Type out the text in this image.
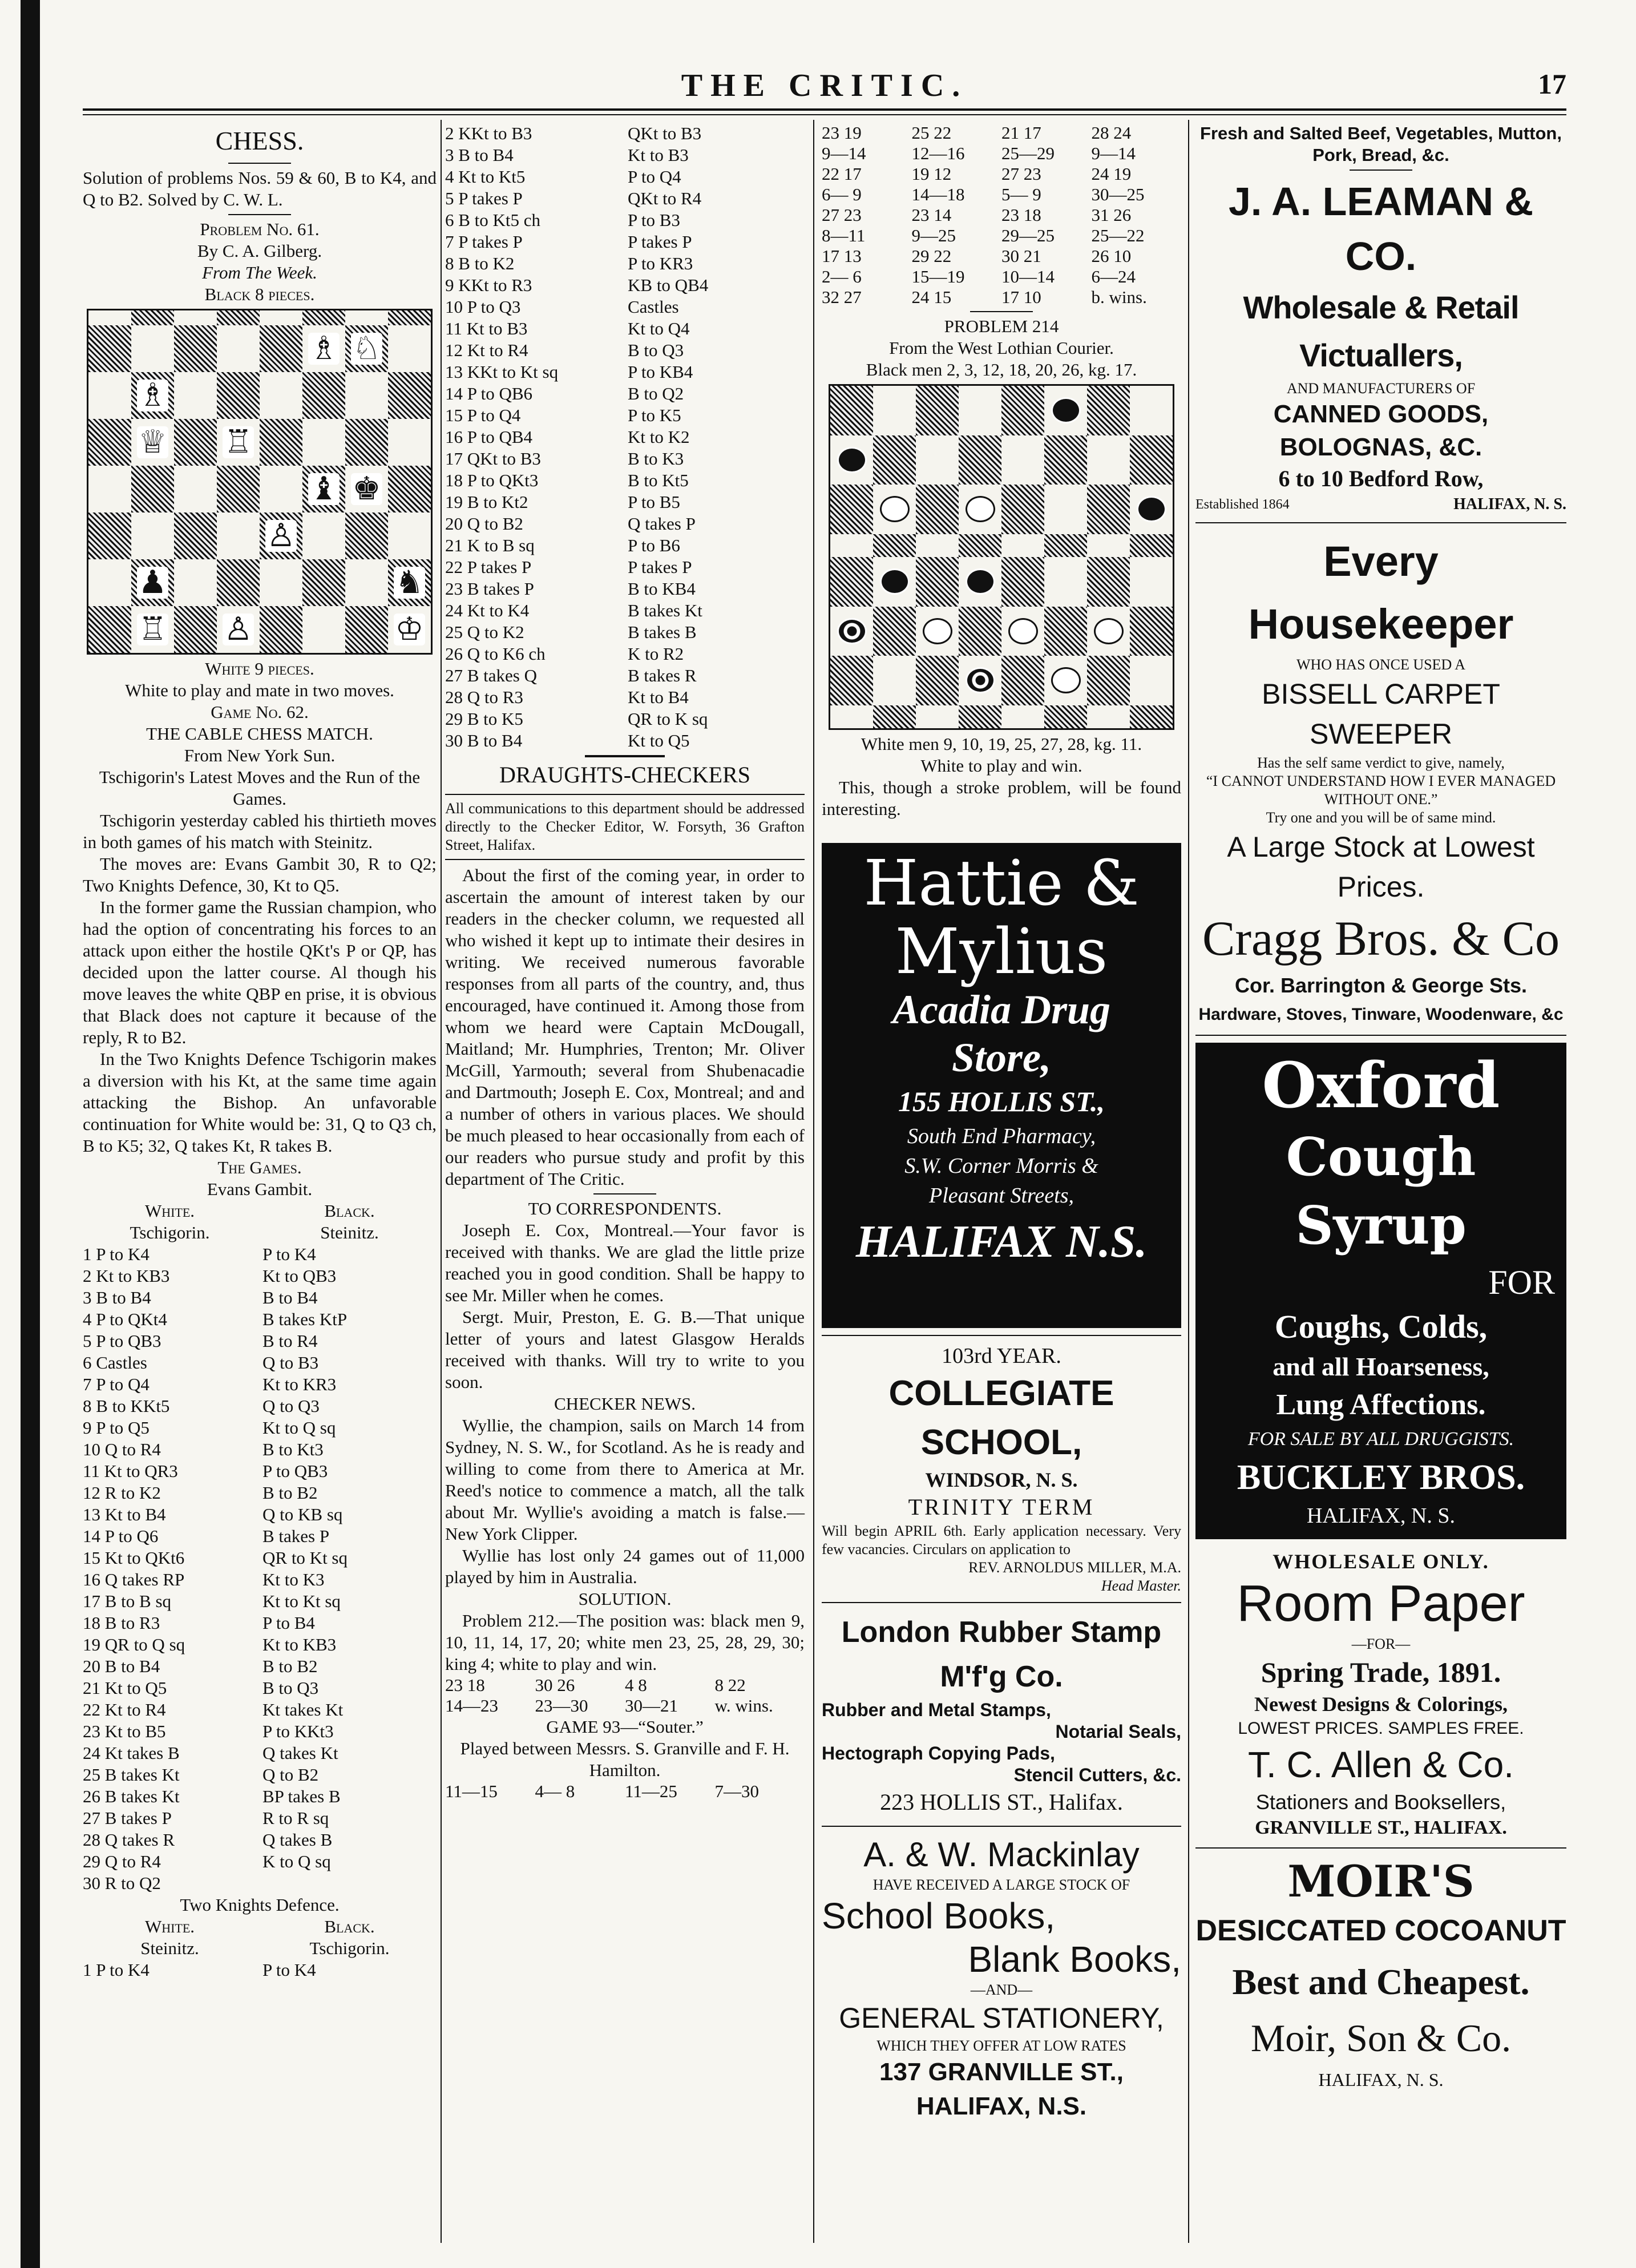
THE CRITIC.	17
CHESS.
Solution of problems Nos. 59 & 60, B to K4, and Q to B2. Solved by C. W. L.
Problem No. 61.
By C. A. Gilberg.
From The Week.
Black 8 pieces.
♗ ♘
♗
♕ ♖
♝ ♚
♙
♟	♞
♖ ♙	♔
White 9 pieces.
White to play and mate in two moves.
Game No. 62.
THE CABLE CHESS MATCH.
From New York Sun.
Tschigorin's Latest Moves and the Run of the Games.
Tschigorin yesterday cabled his thirtieth moves in both games of his match with Steinitz.
The moves are: Evans Gambit 30, R to Q2; Two Knights Defence, 30, Kt to Q5.
In the former game the Russian champion, who had the option of concentrating his forces to an attack upon either the hostile QKt's P or QP, has decided upon the latter course. Al though his move leaves the white QBP en prise, it is obvious that Black does not capture it because of the reply, R to B2.
In the Two Knights Defence Tschigorin makes a diversion with his Kt, at the same time again attacking the Bishop. An unfavorable continuation for White would be: 31, Q to Q3 ch, B to K5; 32, Q takes Kt, R takes B.
The Games.
Evans Gambit.
White.	Black.
Tschigorin.	Steinitz.
1 P to K4	P to K4
2 Kt to KB3	Kt to QB3
3 B to B4	B to B4
4 P to QKt4	B takes KtP
5 P to QB3	B to R4
6 Castles	Q to B3
7 P to Q4	Kt to KR3
8 B to KKt5	Q to Q3
9 P to Q5	Kt to Q sq
10 Q to R4	B to Kt3
11 Kt to QR3	P to QB3
12 R to K2	B to B2
13 Kt to B4	Q to KB sq
14 P to Q6	B takes P
15 Kt to QKt6	QR to Kt sq
16 Q takes RP	Kt to K3
17 B to B sq	Kt to Kt sq
18 B to R3	P to B4
19 QR to Q sq	Kt to KB3
20 B to B4	B to B2
21 Kt to Q5	B to Q3
22 Kt to R4	Kt takes Kt
23 Kt to B5	P to KKt3
24 Kt takes B	Q takes Kt
25 B takes Kt	Q to B2
26 B takes Kt	BP takes B
27 B takes P	R to R sq
28 Q takes R	Q takes B
29 Q to R4	K to Q sq
30 R to Q2
Two Knights Defence.
White.	Black.
Steinitz.	Tschigorin.
1 P to K4	P to K4
2 KKt to B3	QKt to B3
3 B to B4	Kt to B3
4 Kt to Kt5	P to Q4
5 P takes P	QKt to R4
6 B to Kt5 ch	P to B3
7 P takes P	P takes P
8 B to K2	P to KR3
9 KKt to R3	KB to QB4
10 P to Q3	Castles
11 Kt to B3	Kt to Q4
12 Kt to R4	B to Q3
13 KKt to Kt sq	P to KB4
14 P to QB6	B to Q2
15 P to Q4	P to K5
16 P to QB4	Kt to K2
17 QKt to B3	B to K3
18 P to QKt3	B to Kt5
19 B to Kt2	P to B5
20 Q to B2	Q takes P
21 K to B sq	P to B6
22 P takes P	P takes P
23 B takes P	B to KB4
24 Kt to K4	B takes Kt
25 Q to K2	B takes B
26 Q to K6 ch	K to R2
27 B takes Q	B takes R
28 Q to R3	Kt to B4
29 B to K5	QR to K sq
30 B to B4	Kt to Q5
DRAUGHTS-CHECKERS
All communications to this department should be addressed directly to the Checker Editor, W. Forsyth, 36 Grafton Street, Halifax.
About the first of the coming year, in order to ascertain the amount of interest taken by our readers in the checker column, we requested all who wished it kept up to intimate their desires in writing. We received numerous favorable responses from all parts of the country, and, thus encouraged, have continued it. Among those from whom we heard were Captain McDougall, Maitland; Mr. Humphries, Trenton; Mr. Oliver McGill, Yarmouth; several from Shubenacadie and Dartmouth; Joseph E. Cox, Montreal; and and a number of others in various places. We should be much pleased to hear occasionally from each of our readers who pursue study and profit by this department of The Critic.
TO CORRESPONDENTS.
Joseph E. Cox, Montreal.—Your favor is received with thanks. We are glad the little prize reached you in good condition. Shall be happy to see Mr. Miller when he comes.
Sergt. Muir, Preston, E. G. B.—That unique letter of yours and latest Glasgow Heralds received with thanks. Will try to write to you soon.
CHECKER NEWS.
Wyllie, the champion, sails on March 14 from Sydney, N. S. W., for Scotland. As he is ready and willing to come from there to America at Mr. Reed's notice to commence a match, all the talk about Mr. Wyllie's avoiding a match is false.—New York Clipper.
Wyllie has lost only 24 games out of 11,000 played by him in Australia.
SOLUTION.
Problem 212.—The position was: black men 9, 10, 11, 14, 17, 20; white men 23, 25, 28, 29, 30; king 4; white to play and win.
23 18	30 26	4 8	8 22
14—23	23—30	30—21	w. wins.
GAME 93—“Souter.”
Played between Messrs. S. Granville and F. H. Hamilton.
11—15	4— 8	11—25	7—30
23 19	25 22	21 17	28 24
9—14	12—16	25—29	9—14
22 17	19 12	27 23	24 19
6— 9	14—18	5— 9	30—25
27 23	23 14	23 18	31 26
8—11	9—25	29—25	25—22
17 13	29 22	30 21	26 10
2— 6	15—19	10—14	6—24
32 27	24 15	17 10	b. wins.
PROBLEM 214
From the West Lothian Courier.
Black men 2, 3, 12, 18, 20, 26, kg. 17.
White men 9, 10, 19, 25, 27, 28, kg. 11.
White to play and win.
This, though a stroke problem, will be found interesting.
Hattie &
Mylius
Acadia Drug
Store,
155 HOLLIS ST.,
South End Pharmacy,
S.W. Corner Morris &
Pleasant Streets,
HALIFAX N.S.
103rd YEAR.
COLLEGIATE SCHOOL,
WINDSOR, N. S.
TRINITY TERM
Will begin APRIL 6th. Early application necessary. Very few vacancies. Circulars on application to
REV. ARNOLDUS MILLER, M.A.
Head Master.
London Rubber Stamp M'f'g Co.
Rubber and Metal Stamps,
Notarial Seals,
Hectograph Copying Pads,
Stencil Cutters, &c.
223 HOLLIS ST., Halifax.
A. & W. Mackinlay
HAVE RECEIVED A LARGE STOCK OF
School Books,
Blank Books,
—AND—
GENERAL STATIONERY,
WHICH THEY OFFER AT LOW RATES
137 GRANVILLE ST., HALIFAX, N.S.
Fresh and Salted Beef, Vegetables, Mutton, Pork, Bread, &c.
J. A. LEAMAN & CO.
Wholesale & Retail Victuallers,
AND MANUFACTURERS OF
CANNED GOODS, BOLOGNAS, &C.
6 to 10 Bedford Row,
Established 1864	HALIFAX, N. S.
Every Housekeeper
WHO HAS ONCE USED A
BISSELL CARPET SWEEPER
Has the self same verdict to give, namely,
“I CANNOT UNDERSTAND HOW I EVER MANAGED WITHOUT ONE.”
Try one and you will be of same mind.
A Large Stock at Lowest Prices.
Cragg Bros. & Co
Cor. Barrington & George Sts.
Hardware, Stoves, Tinware, Woodenware, &c
Oxford
Cough Syrup
FOR
Coughs, Colds,
and all Hoarseness,
Lung Affections.
FOR SALE BY ALL DRUGGISTS.
BUCKLEY BROS.
HALIFAX, N. S.
WHOLESALE ONLY.
Room Paper
—FOR—
Spring Trade, 1891.
Newest Designs & Colorings,
LOWEST PRICES. SAMPLES FREE.
T. C. Allen & Co.
Stationers and Booksellers,
GRANVILLE ST., HALIFAX.
MOIR'S
DESICCATED COCOANUT
Best and Cheapest.
Moir, Son & Co.
HALIFAX, N. S.
